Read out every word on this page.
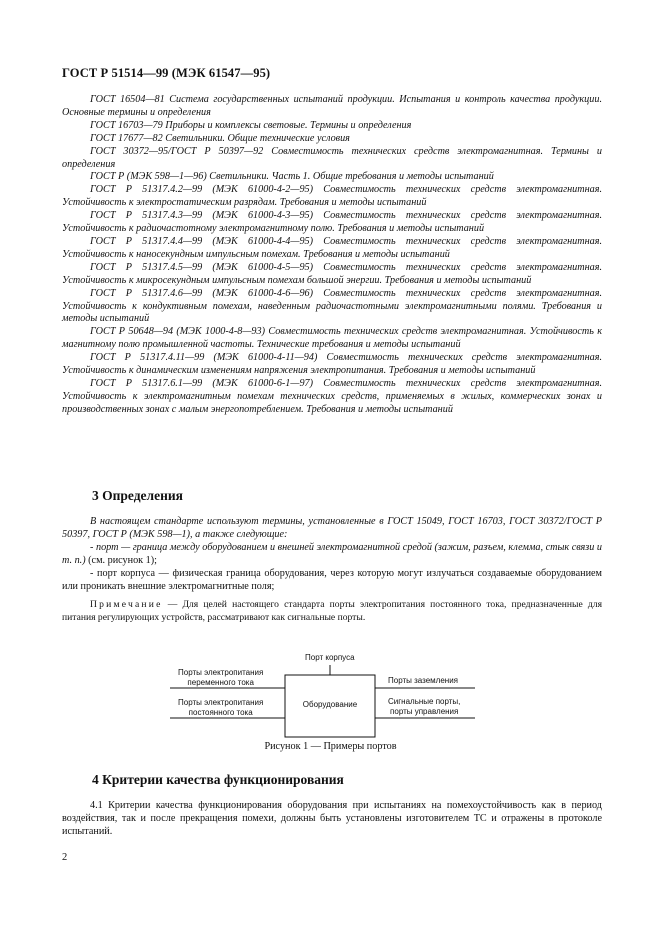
ГОСТ Р 51514—99 (МЭК 61547—95)

ГОСТ 16504—81 Система государственных испытаний продукции. Испытания и контроль качества продукции. Основные термины и определения

ГОСТ 16703—79 Приборы и комплексы световые. Термины и определения

ГОСТ 17677—82 Светильники. Общие технические условия

ГОСТ 30372—95/ГОСТ Р 50397—92 Совместимость технических средств электромагнитная. Термины и определения

ГОСТ Р (МЭК 598—1—96) Светильники. Часть 1. Общие требования и методы испытаний

ГОСТ Р 51317.4.2—99 (МЭК 61000-4-2—95) Совместимость технических средств электромагнитная. Устойчивость к электростатическим разрядам. Требования и методы испытаний

ГОСТ Р 51317.4.3—99 (МЭК 61000-4-3—95) Совместимость технических средств электромагнитная. Устойчивость к радиочастотному электромагнитному полю. Требования и методы испытаний

ГОСТ Р 51317.4.4—99 (МЭК 61000-4-4—95) Совместимость технических средств электромагнитная. Устойчивость к наносекундным импульсным помехам. Требования и методы испытаний

ГОСТ Р 51317.4.5—99 (МЭК 61000-4-5—95) Совместимость технических средств электромагнитная. Устойчивость к микросекундным импульсным помехам большой энергии. Требования и методы испытаний

ГОСТ Р 51317.4.6—99 (МЭК 61000-4-6—96) Совместимость технических средств электромагнитная. Устойчивость к кондуктивным помехам, наведенным радиочастотными электромагнитными полями. Требования и методы испытаний

ГОСТ Р 50648—94 (МЭК 1000-4-8—93) Совместимость технических средств электромагнитная. Устойчивость к магнитному полю промышленной частоты. Технические требования и методы испытаний

ГОСТ Р 51317.4.11—99 (МЭК 61000-4-11—94) Совместимость технических средств электромагнитная. Устойчивость к динамическим изменениям напряжения электропитания. Требования и методы испытаний

ГОСТ Р 51317.6.1—99 (МЭК 61000-6-1—97) Совместимость технических средств электромагнитная. Устойчивость к электромагнитным помехам технических средств, применяемых в жилых, коммерческих зонах и производственных зонах с малым энергопотреблением. Требования и методы испытаний

3 Определения

В настоящем стандарте используют термины, установленные в ГОСТ 15049, ГОСТ 16703, ГОСТ 30372/ГОСТ Р 50397, ГОСТ Р (МЭК 598—1), а также следующие:

- порт — граница между оборудованием и внешней электромагнитной средой (зажим, разъем, клемма, стык связи и т. п.) (см. рисунок 1);

- порт корпуса — физическая граница оборудования, через которую могут излучаться создаваемые оборудованием или проникать внешние электромагнитные поля;

Примечание — Для целей настоящего стандарта порты электропитания постоянного тока, предназначенные для питания регулирующих устройств, рассматривают как сигнальные порты.

Порт корпуса
Порты электропитания
переменного тока
Порты электропитания
постоянного тока
Оборудование
Порты заземления
Сигнальные порты,
порты управления
Рисунок 1 — Примеры портов
4 Критерии качества функционирования

4.1 Критерии качества функционирования оборудования при испытаниях на помехоустойчивость как в период воздействия, так и после прекращения помехи, должны быть установлены изготовителем ТС и отражены в протоколе испытаний.

2
